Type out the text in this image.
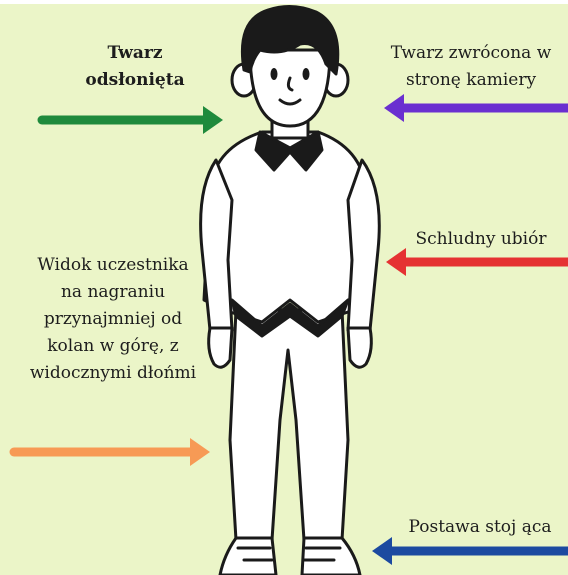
Twarz
odsłonięta
Twarz zwrócona w
stronę kamiery
Schludny ubiór
Widok uczestnika
na nagraniu
przynajmniej od
kolan w górę, z
widocznymi dłońmi
Postawa stoj ąca
